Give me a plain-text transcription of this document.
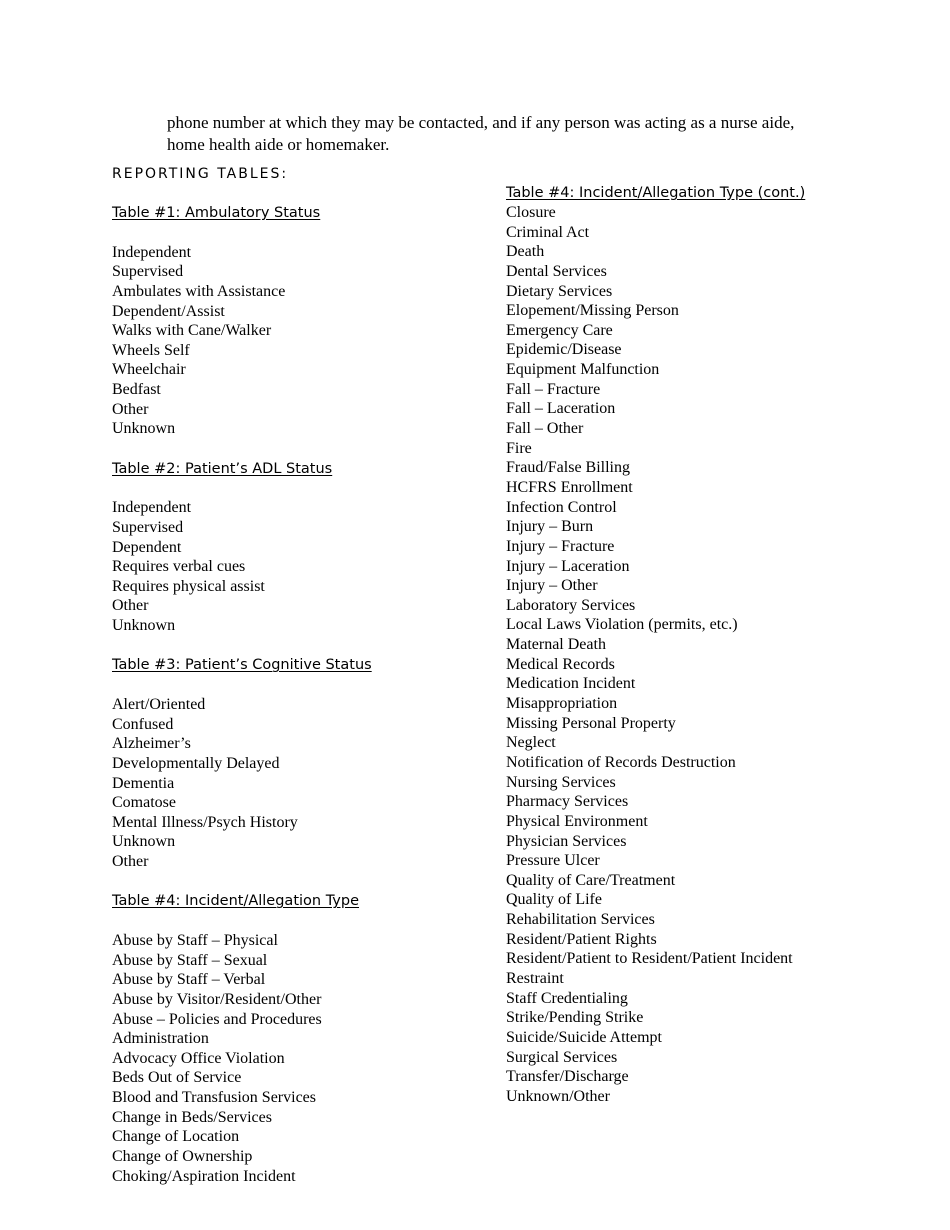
phone number at which they may be contacted, and if any person was acting as a nurse aide, home health aide or homemaker.
REPORTING TABLES:
Table #1: Ambulatory Status
Independent
Supervised
Ambulates with Assistance
Dependent/Assist
Walks with Cane/Walker
Wheels Self
Wheelchair
Bedfast
Other
Unknown
Table #2: Patient’s ADL Status
Independent
Supervised
Dependent
Requires verbal cues
Requires physical assist
Other
Unknown
Table #3: Patient’s Cognitive Status
Alert/Oriented
Confused
Alzheimer’s
Developmentally Delayed
Dementia
Comatose
Mental Illness/Psych History
Unknown
Other
Table #4: Incident/Allegation Type
Abuse by Staff – Physical
Abuse by Staff – Sexual
Abuse by Staff – Verbal
Abuse by Visitor/Resident/Other
Abuse – Policies and Procedures
Administration
Advocacy Office Violation
Beds Out of Service
Blood and Transfusion Services
Change in Beds/Services
Change of Location
Change of Ownership
Choking/Aspiration Incident
Table #4: Incident/Allegation Type (cont.)
Closure
Criminal Act
Death
Dental Services
Dietary Services
Elopement/Missing Person
Emergency Care
Epidemic/Disease
Equipment Malfunction
Fall – Fracture
Fall – Laceration
Fall – Other
Fire
Fraud/False Billing
HCFRS Enrollment
Infection Control
Injury – Burn
Injury – Fracture
Injury – Laceration
Injury – Other
Laboratory Services
Local Laws Violation (permits, etc.)
Maternal Death
Medical Records
Medication Incident
Misappropriation
Missing Personal Property
Neglect
Notification of Records Destruction
Nursing Services
Pharmacy Services
Physical Environment
Physician Services
Pressure Ulcer
Quality of Care/Treatment
Quality of Life
Rehabilitation Services
Resident/Patient Rights
Resident/Patient to Resident/Patient Incident
Restraint
Staff Credentialing
Strike/Pending Strike
Suicide/Suicide Attempt
Surgical Services
Transfer/Discharge
Unknown/Other
